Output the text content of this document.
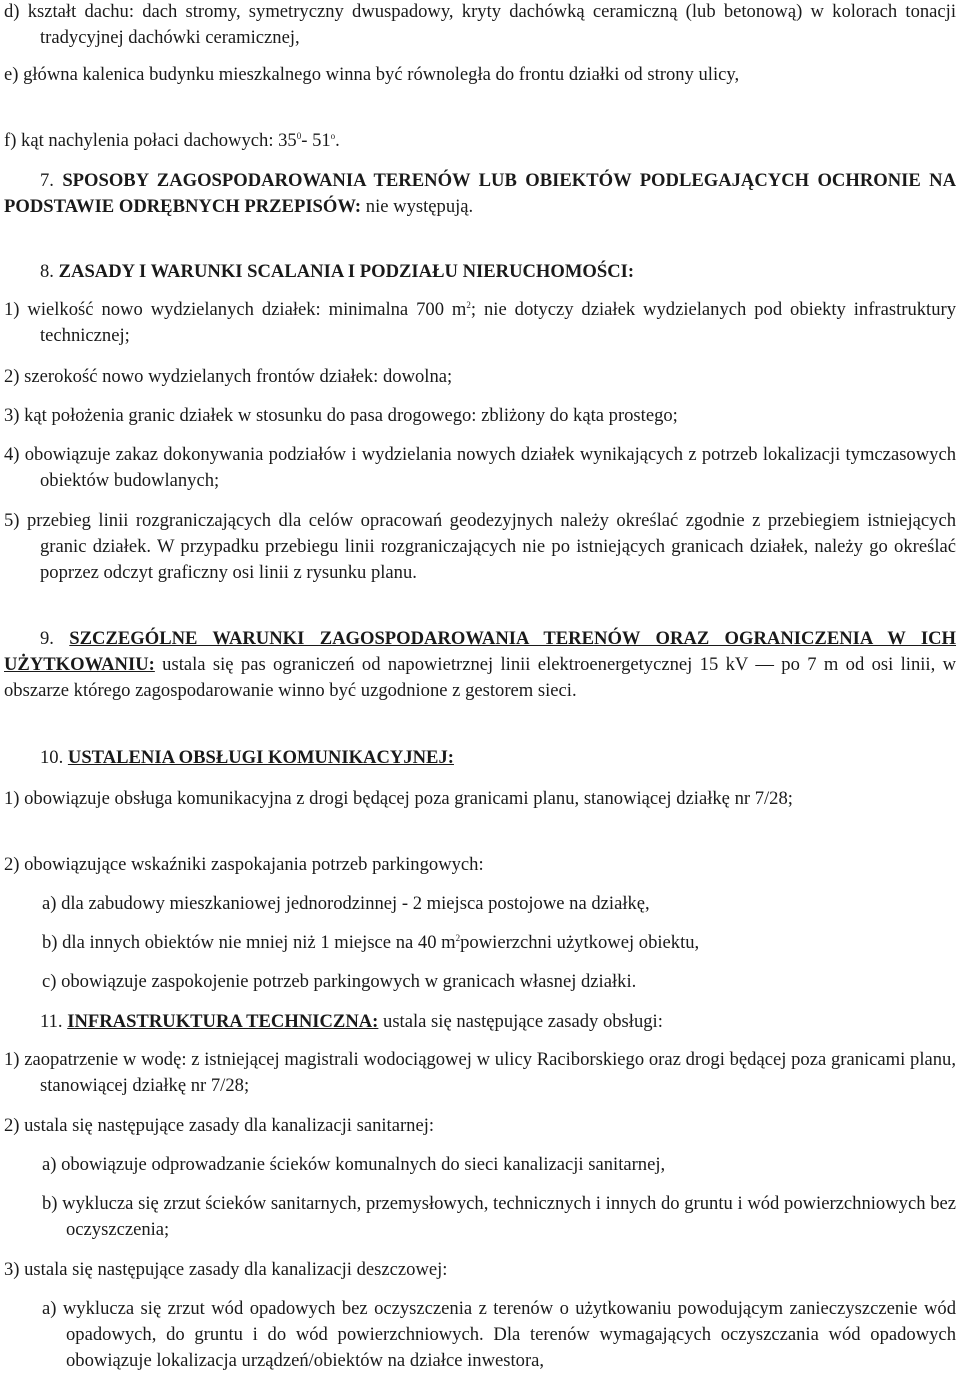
d) kształt dachu: dach stromy, symetryczny dwuspadowy, kryty dachówką ceramiczną (lub betonową) w kolorach tonacji tradycyjnej dachówki ceramicznej,
e) główna kalenica budynku mieszkalnego winna być równoległa do frontu działki od strony ulicy,
f) kąt nachylenia połaci dachowych: $35^0-$ 51$^o$.
7. SPOSOBY ZAGOSPODAROWANIA TERENÓW LUB OBIEKTÓW PODLEGAJĄCYCH OCHRONIE NA PODSTAWIE ODRĘBNYCH PRZEPISÓW: nie występują.
8. ZASADY I WARUNKI SCALANIA I PODZIAŁU NIERUCHOMOŚCI:
1) wielkość nowo wydzielanych działek: minimalna 700 $m^2$; nie dotyczy działek wydzielanych pod obiekty infrastruktury technicznej;
2) szerokość nowo wydzielanych frontów działek: dowolna;
3) kąt położenia granic działek w stosunku do pasa drogowego: zbliżony do kąta prostego;
4) obowiązuje zakaz dokonywania podziałów i wydzielania nowych działek wynikających z potrzeb lokalizacji tymczasowych obiektów budowlanych;
5) przebieg linii rozgraniczających dla celów opracowań geodezyjnych należy określać zgodnie z przebiegiem istniejących granic działek. W przypadku przebiegu linii rozgraniczających nie po istniejących granicach działek, należy go określać poprzez odczyt graficzny osi linii z rysunku planu.
9. SZCZEGÓLNE WARUNKI ZAGOSPODAROWANIA TERENÓW ORAZ OGRANICZENIA W ICH UŻYTKOWANIU: ustala się pas ograniczeń od napowietrznej linii elektroenergetycznej 15 kV — po 7 m od osi linii, w obszarze którego zagospodarowanie winno być uzgodnione z gestorem sieci.
10. USTALENIA OBSŁUGI KOMUNIKACYJNEJ:
1) obowiązuje obsługa komunikacyjna z drogi będącej poza granicami planu, stanowiącej działkę nr 7/28;
2) obowiązujące wskaźniki zaspokajania potrzeb parkingowych:
a) dla zabudowy mieszkaniowej jednorodzinnej - 2 miejsca postojowe na działkę,
b) dla innych obiektów nie mniej niż 1 miejsce na 40 $m^2powierzchni$ użytkowej obiektu,
c) obowiązuje zaspokojenie potrzeb parkingowych w granicach własnej działki.
11. INFRASTRUKTURA TECHNICZNA: ustala się następujące zasady obsługi:
1) zaopatrzenie w wodę: z istniejącej magistrali wodociągowej w ulicy Raciborskiego oraz drogi będącej poza granicami planu, stanowiącej działkę nr 7/28;
2) ustala się następujące zasady dla kanalizacji sanitarnej:
a) obowiązuje odprowadzanie ścieków komunalnych do sieci kanalizacji sanitarnej,
b) wyklucza się zrzut ścieków sanitarnych, przemysłowych, technicznych i innych do gruntu i wód powierzchniowych bez oczyszczenia;
3) ustala się następujące zasady dla kanalizacji deszczowej:
a) wyklucza się zrzut wód opadowych bez oczyszczenia z terenów o użytkowaniu powodującym zanieczyszczenie wód opadowych, do gruntu i do wód powierzchniowych. Dla terenów wymagających oczyszczania wód opadowych obowiązuje lokalizacja urządzeń/obiektów na działce inwestora,
